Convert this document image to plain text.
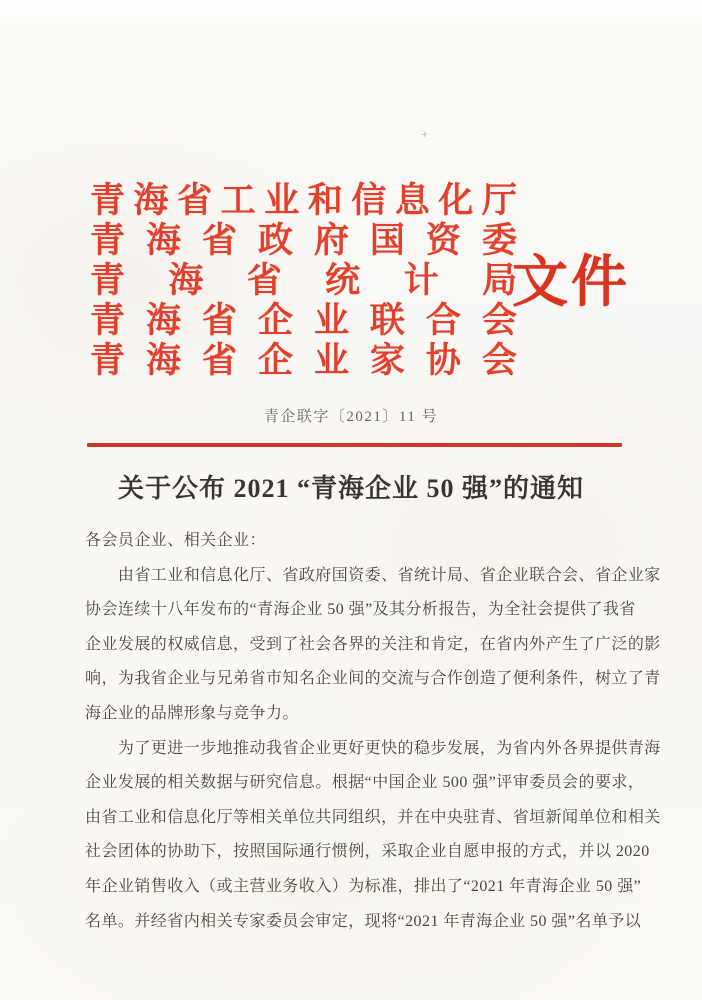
青 海 省 工 业 和 信 息 化 厅
青 海 省 政 府 国 资 委
青 海 省 统 计 局
青 海 省 企 业 联 合 会
青 海 省 企 业 家 协 会
文件
青企联字〔2021〕11 号
关于公布 2021 “青海企业 50 强”的通知
各会员企业、相关企业：
　　由省工业和信息化厅、省政府国资委、省统计局、省企业联合会、省企业家
协会连续十八年发布的“青海企业 50 强”及其分析报告，为全社会提供了我省
企业发展的权威信息，受到了社会各界的关注和肯定，在省内外产生了广泛的影
响，为我省企业与兄弟省市知名企业间的交流与合作创造了便利条件，树立了青
海企业的品牌形象与竞争力。
　　为了更进一步地推动我省企业更好更快的稳步发展，为省内外各界提供青海
企业发展的相关数据与研究信息。根据“中国企业 500 强”评审委员会的要求，
由省工业和信息化厅等相关单位共同组织，并在中央驻青、省垣新闻单位和相关
社会团体的协助下，按照国际通行惯例，采取企业自愿申报的方式，并以 2020
年企业销售收入（或主营业务收入）为标准，排出了“2021 年青海企业 50 强”
名单。并经省内相关专家委员会审定，现将“2021 年青海企业 50 强”名单予以
